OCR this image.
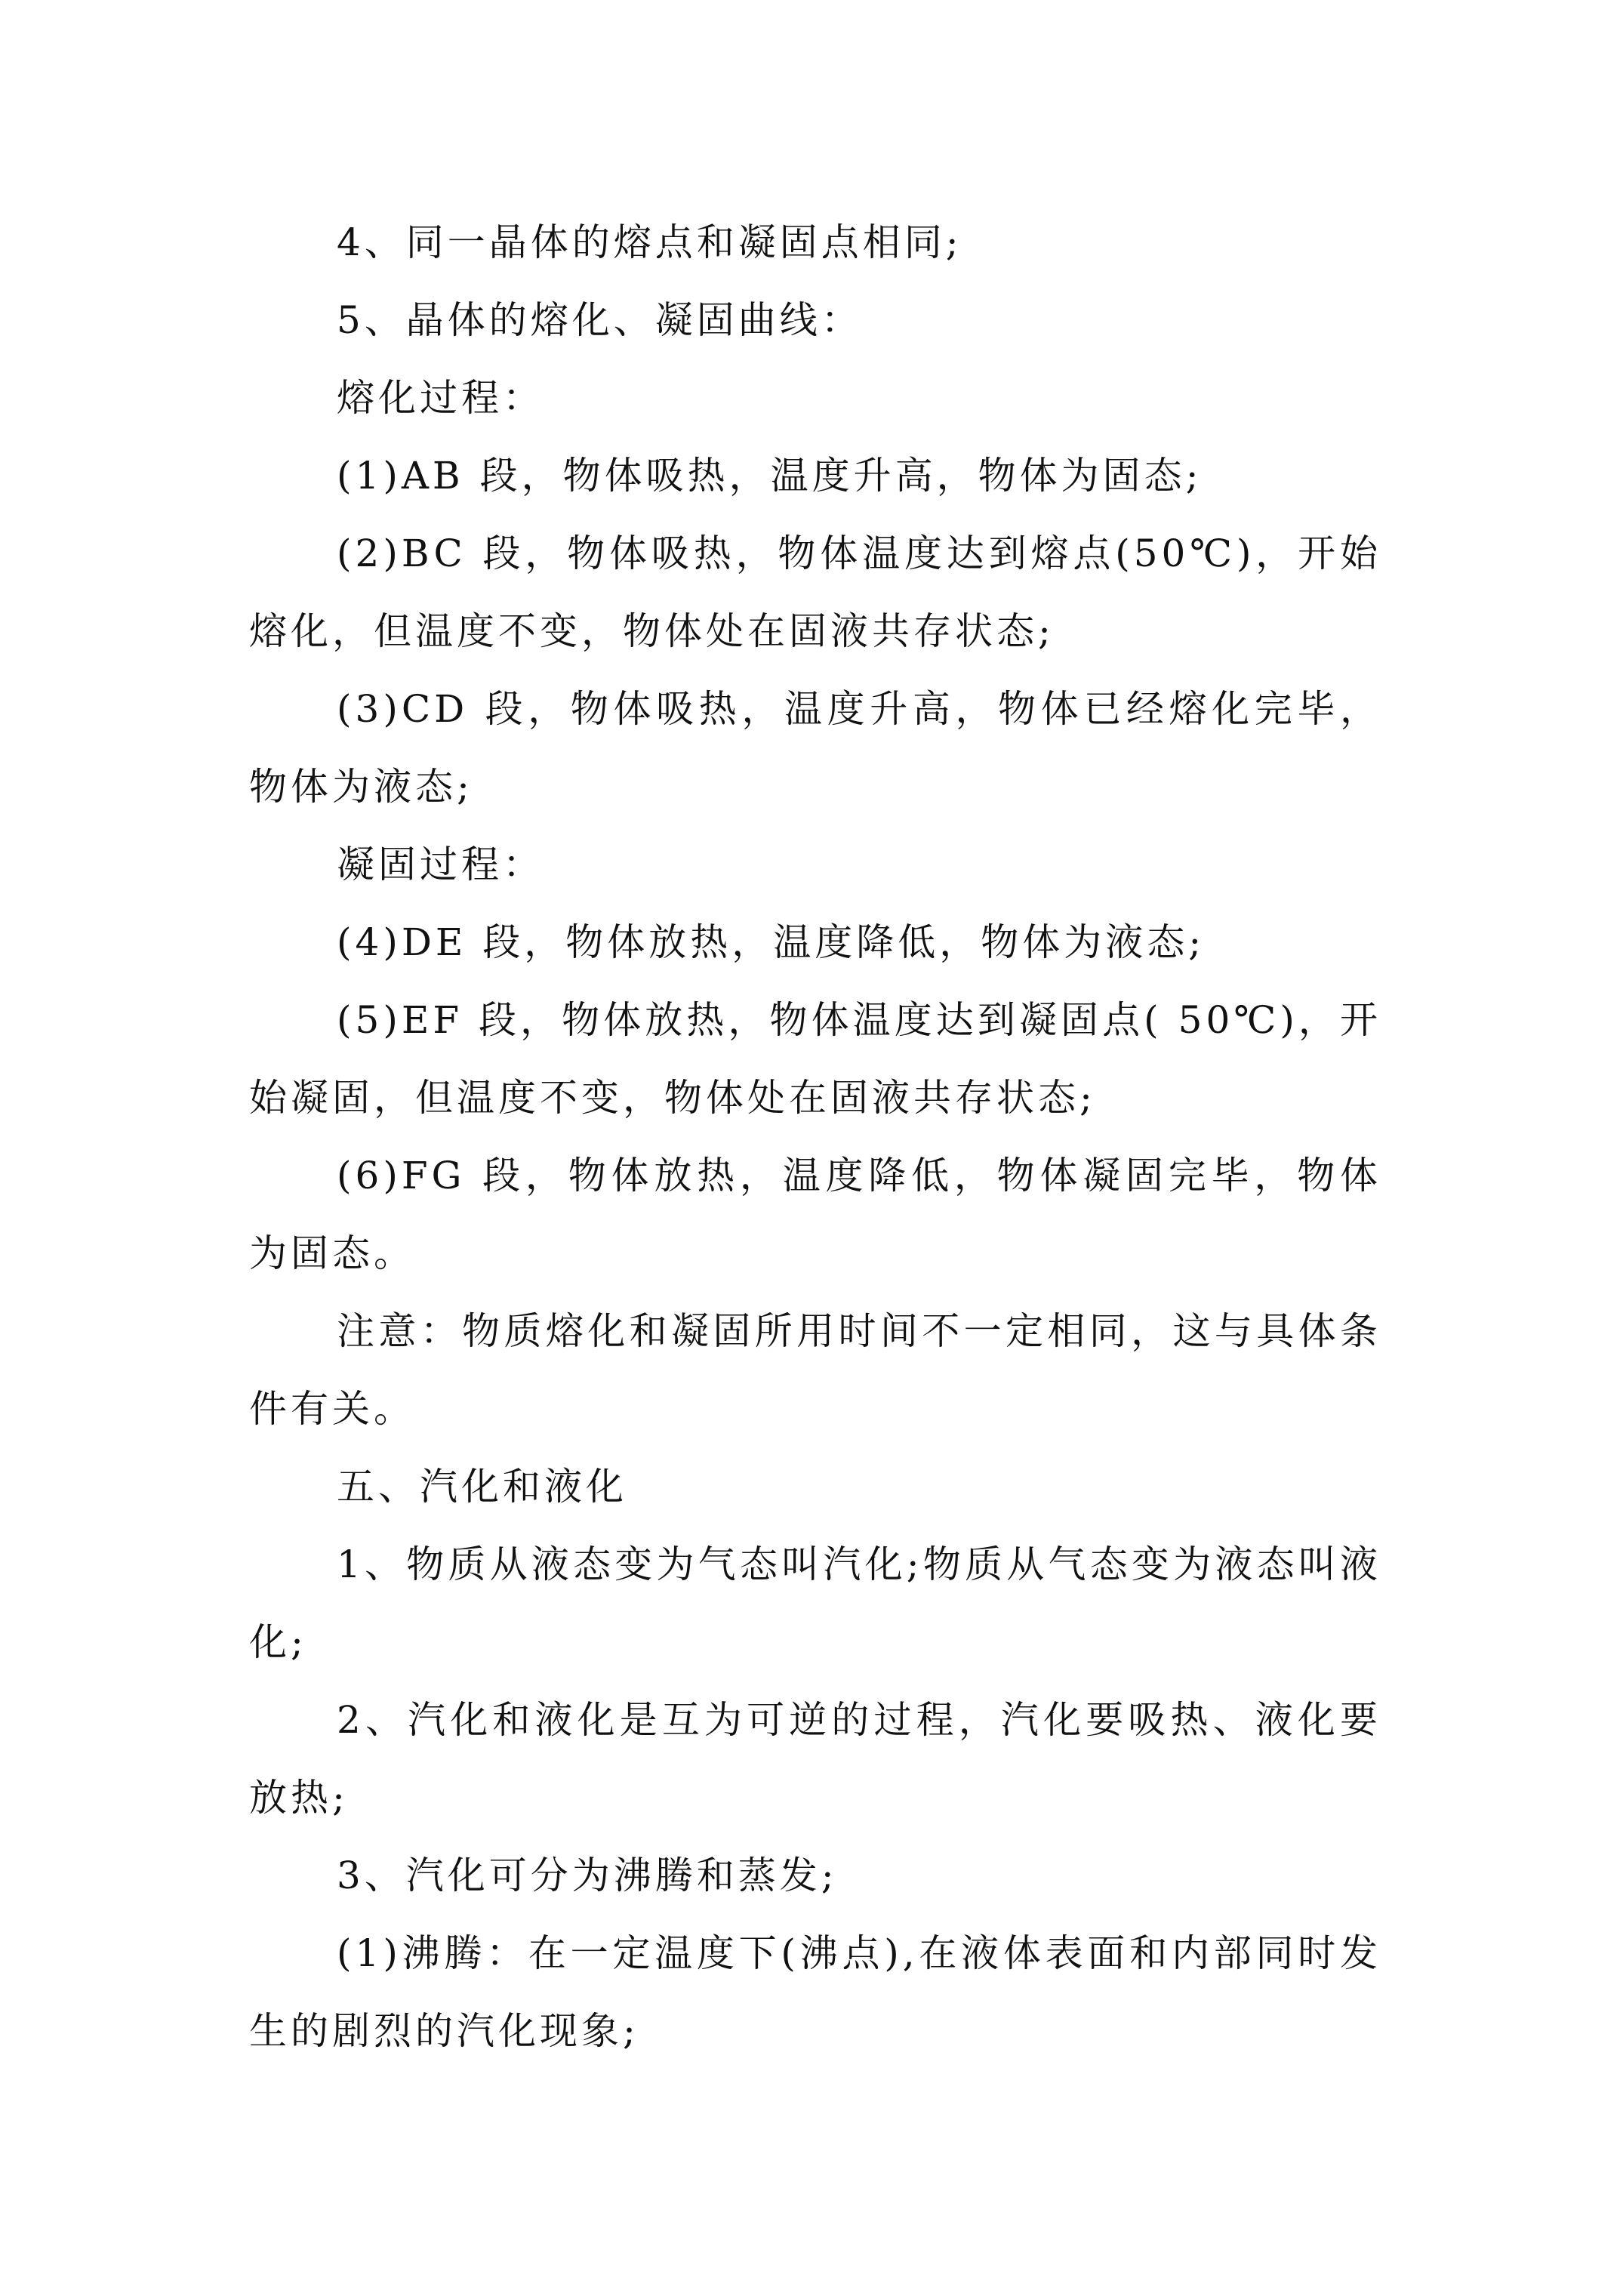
4、同一晶体的熔点和凝固点相同;

5、晶体的熔化、凝固曲线：

熔化过程：

(1)AB 段，物体吸热，温度升高，物体为固态;

(2)BC 段，物体吸热，物体温度达到熔点(50℃)，开始熔化，但温度不变，物体处在固液共存状态;

(3)CD 段，物体吸热，温度升高，物体已经熔化完毕，物体为液态;

凝固过程：

(4)DE 段，物体放热，温度降低，物体为液态;

(5)EF 段，物体放热，物体温度达到凝固点( 50℃)，开始凝固，但温度不变，物体处在固液共存状态;

(6)FG 段，物体放热，温度降低，物体凝固完毕，物体为固态。

注意：物质熔化和凝固所用时间不一定相同，这与具体条件有关。

五、汽化和液化

1、物质从液态变为气态叫汽化;物质从气态变为液态叫液化;

2、汽化和液化是互为可逆的过程，汽化要吸热、液化要放热;

3、汽化可分为沸腾和蒸发;

(1)沸腾：在一定温度下(沸点),在液体表面和内部同时发生的剧烈的汽化现象;
